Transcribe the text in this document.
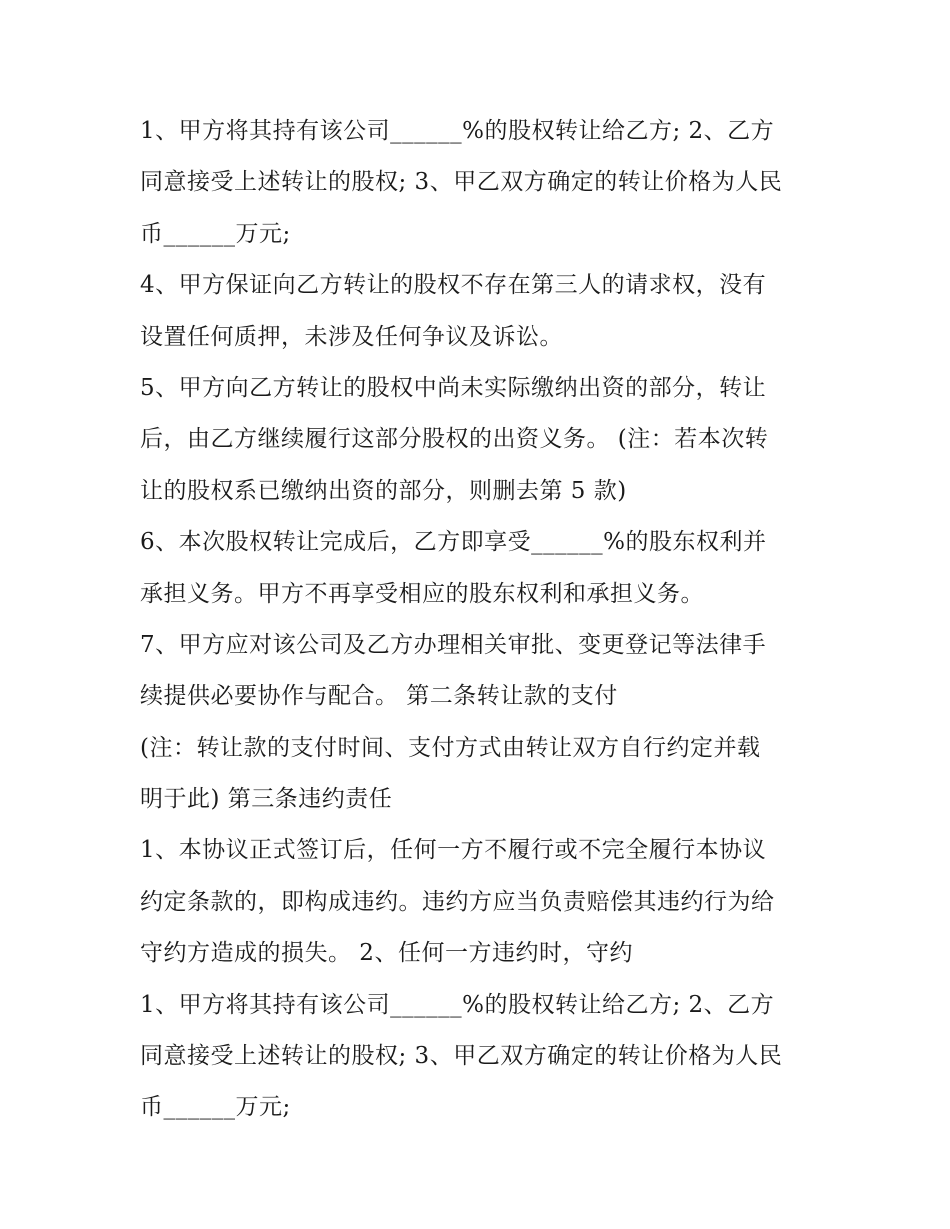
1、甲方将其持有该公司______%的股权转让给乙方; 2、乙方
同意接受上述转让的股权; 3、甲乙双方确定的转让价格为人民
币______万元;
4、甲方保证向乙方转让的股权不存在第三人的请求权，没有
设置任何质押，未涉及任何争议及诉讼。
5、甲方向乙方转让的股权中尚未实际缴纳出资的部分，转让
后，由乙方继续履行这部分股权的出资义务。 (注：若本次转
让的股权系已缴纳出资的部分，则删去第 5 款)
6、本次股权转让完成后，乙方即享受______%的股东权利并
承担义务。甲方不再享受相应的股东权利和承担义务。
7、甲方应对该公司及乙方办理相关审批、变更登记等法律手
续提供必要协作与配合。 第二条转让款的支付
(注：转让款的支付时间、支付方式由转让双方自行约定并载
明于此) 第三条违约责任
1、本协议正式签订后，任何一方不履行或不完全履行本协议
约定条款的，即构成违约。违约方应当负责赔偿其违约行为给
守约方造成的损失。 2、任何一方违约时，守约
1、甲方将其持有该公司______%的股权转让给乙方; 2、乙方
同意接受上述转让的股权; 3、甲乙双方确定的转让价格为人民
币______万元;
